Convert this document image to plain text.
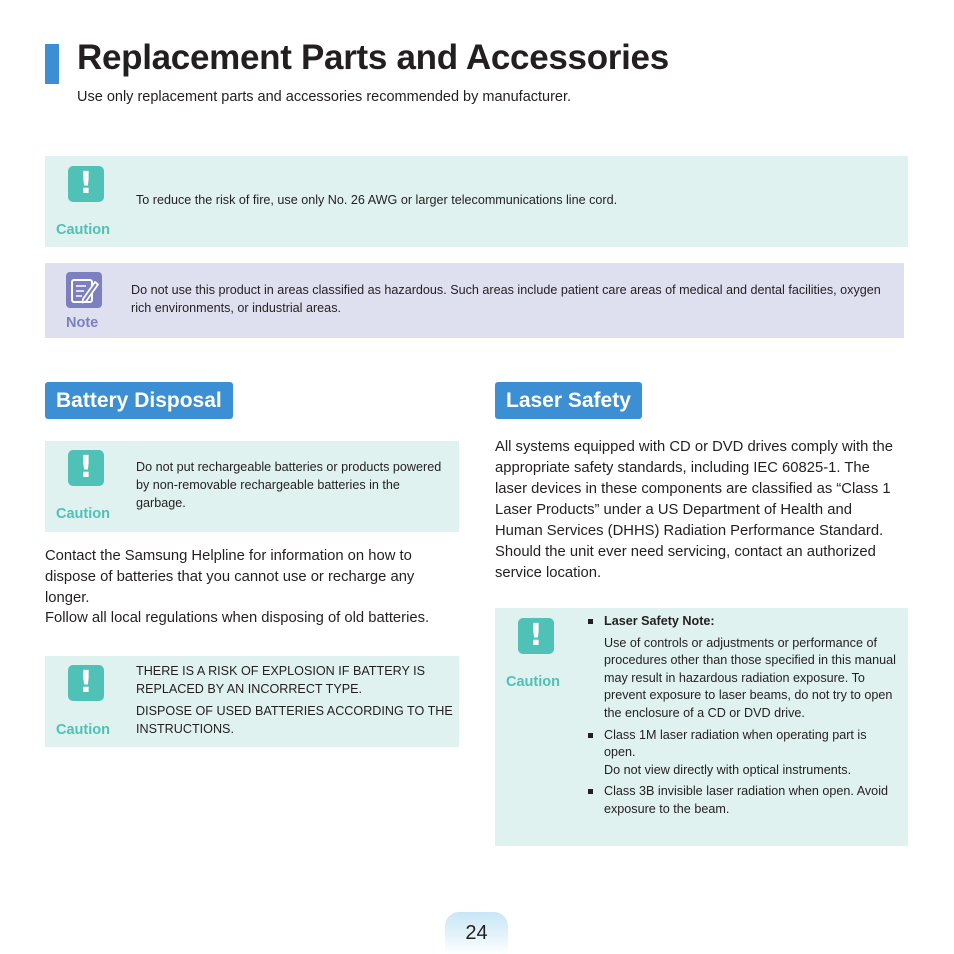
Replacement Parts and Accessories
Use only replacement parts and accessories recommended by manufacturer.
!
Caution
To reduce the risk of fire, use only No. 26 AWG or larger telecommunications line cord.
Note
Do not use this product in areas classified as hazardous. Such areas include patient care areas of medical and dental facilities, oxygen rich environments, or industrial areas.
Battery Disposal
!
Caution
Do not put rechargeable batteries or products powered by non-removable rechargeable batteries in the garbage.
Contact the Samsung Helpline for information on how to dispose of batteries that you cannot use or recharge any longer.
Follow all local regulations when disposing of old batteries.
!
Caution
THERE IS A RISK OF EXPLOSION IF BATTERY IS REPLACED BY AN INCORRECT TYPE.
DISPOSE OF USED BATTERIES ACCORDING TO THE INSTRUCTIONS.
Laser Safety
All systems equipped with CD or DVD drives comply with the appropriate safety standards, including IEC 60825-1. The laser devices in these components are classified as “Class 1 Laser Products” under a US Department of Health and Human Services (DHHS) Radiation Performance Standard. Should the unit ever need servicing, contact an authorized service location.
!
Caution
Laser Safety Note:
Use of controls or adjustments or performance of procedures other than those specified in this manual may result in hazardous radiation exposure. To prevent exposure to laser beams, do not try to open the enclosure of a CD or DVD drive.
Class 1M laser radiation when operating part is open.
Do not view directly with optical instruments.
Class 3B invisible laser radiation when open. Avoid exposure to the beam.
24
